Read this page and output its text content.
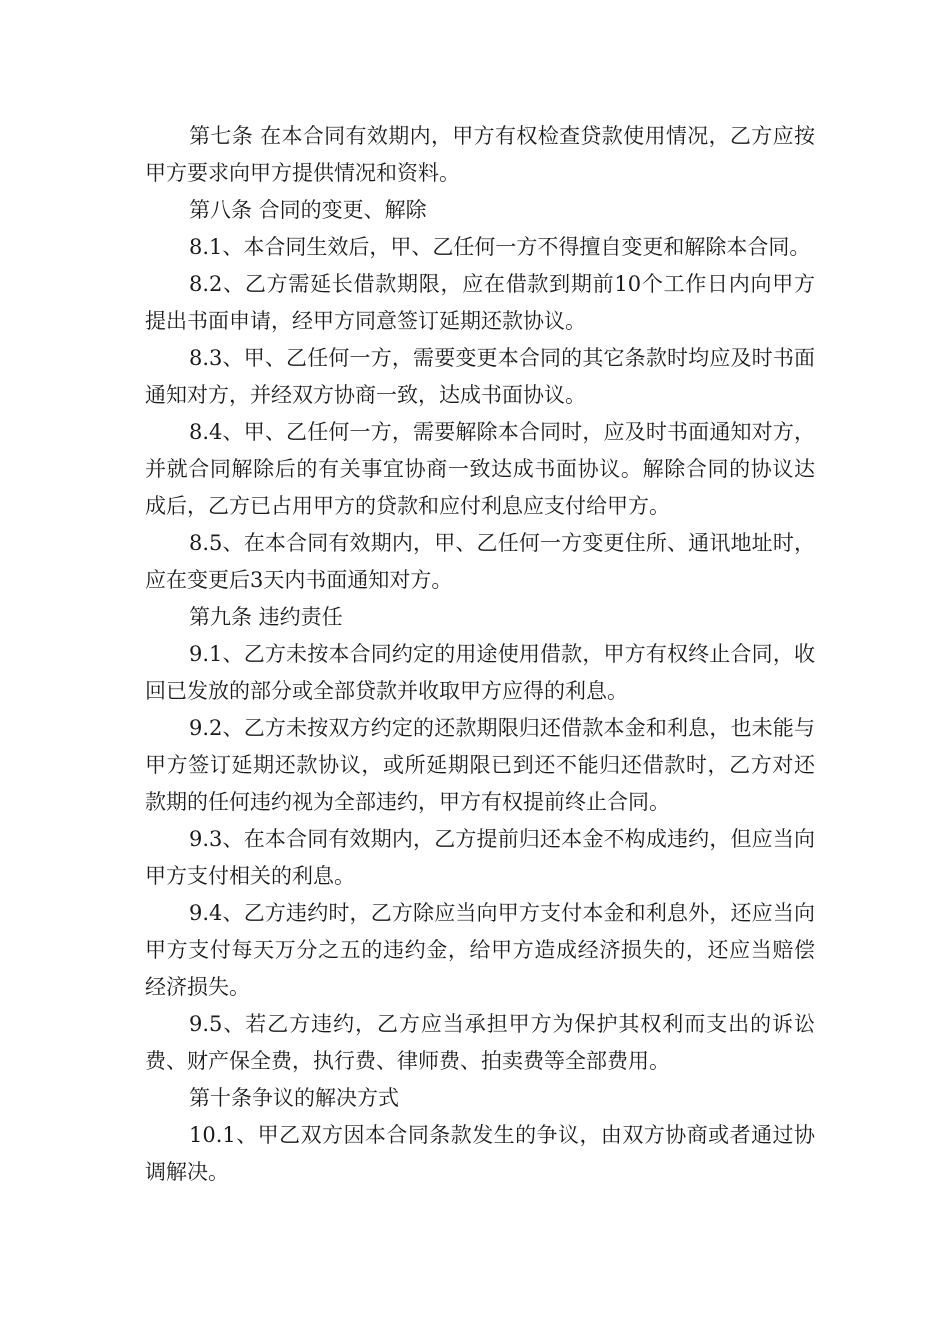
第七条 在本合同有效期内，甲方有权检查贷款使用情况，乙方应按甲方要求向甲方提供情况和资料。

第八条 合同的变更、解除

8.1、本合同生效后，甲、乙任何一方不得擅自变更和解除本合同。

8.2、乙方需延长借款期限，应在借款到期前10个工作日内向甲方提出书面申请，经甲方同意签订延期还款协议。

8.3、甲、乙任何一方，需要变更本合同的其它条款时均应及时书面通知对方，并经双方协商一致，达成书面协议。

8.4、甲、乙任何一方，需要解除本合同时，应及时书面通知对方，并就合同解除后的有关事宜协商一致达成书面协议。解除合同的协议达成后，乙方已占用甲方的贷款和应付利息应支付给甲方。

8.5、在本合同有效期内，甲、乙任何一方变更住所、通讯地址时，应在变更后3天内书面通知对方。

第九条 违约责任

9.1、乙方未按本合同约定的用途使用借款，甲方有权终止合同，收回已发放的部分或全部贷款并收取甲方应得的利息。

9.2、乙方未按双方约定的还款期限归还借款本金和利息，也未能与甲方签订延期还款协议，或所延期限已到还不能归还借款时，乙方对还款期的任何违约视为全部违约，甲方有权提前终止合同。

9.3、在本合同有效期内，乙方提前归还本金不构成违约，但应当向甲方支付相关的利息。

9.4、乙方违约时，乙方除应当向甲方支付本金和利息外，还应当向甲方支付每天万分之五的违约金，给甲方造成经济损失的，还应当赔偿经济损失。

9.5、若乙方违约，乙方应当承担甲方为保护其权利而支出的诉讼费、财产保全费，执行费、律师费、拍卖费等全部费用。

第十条争议的解决方式

10.1、甲乙双方因本合同条款发生的争议，由双方协商或者通过协调解决。
